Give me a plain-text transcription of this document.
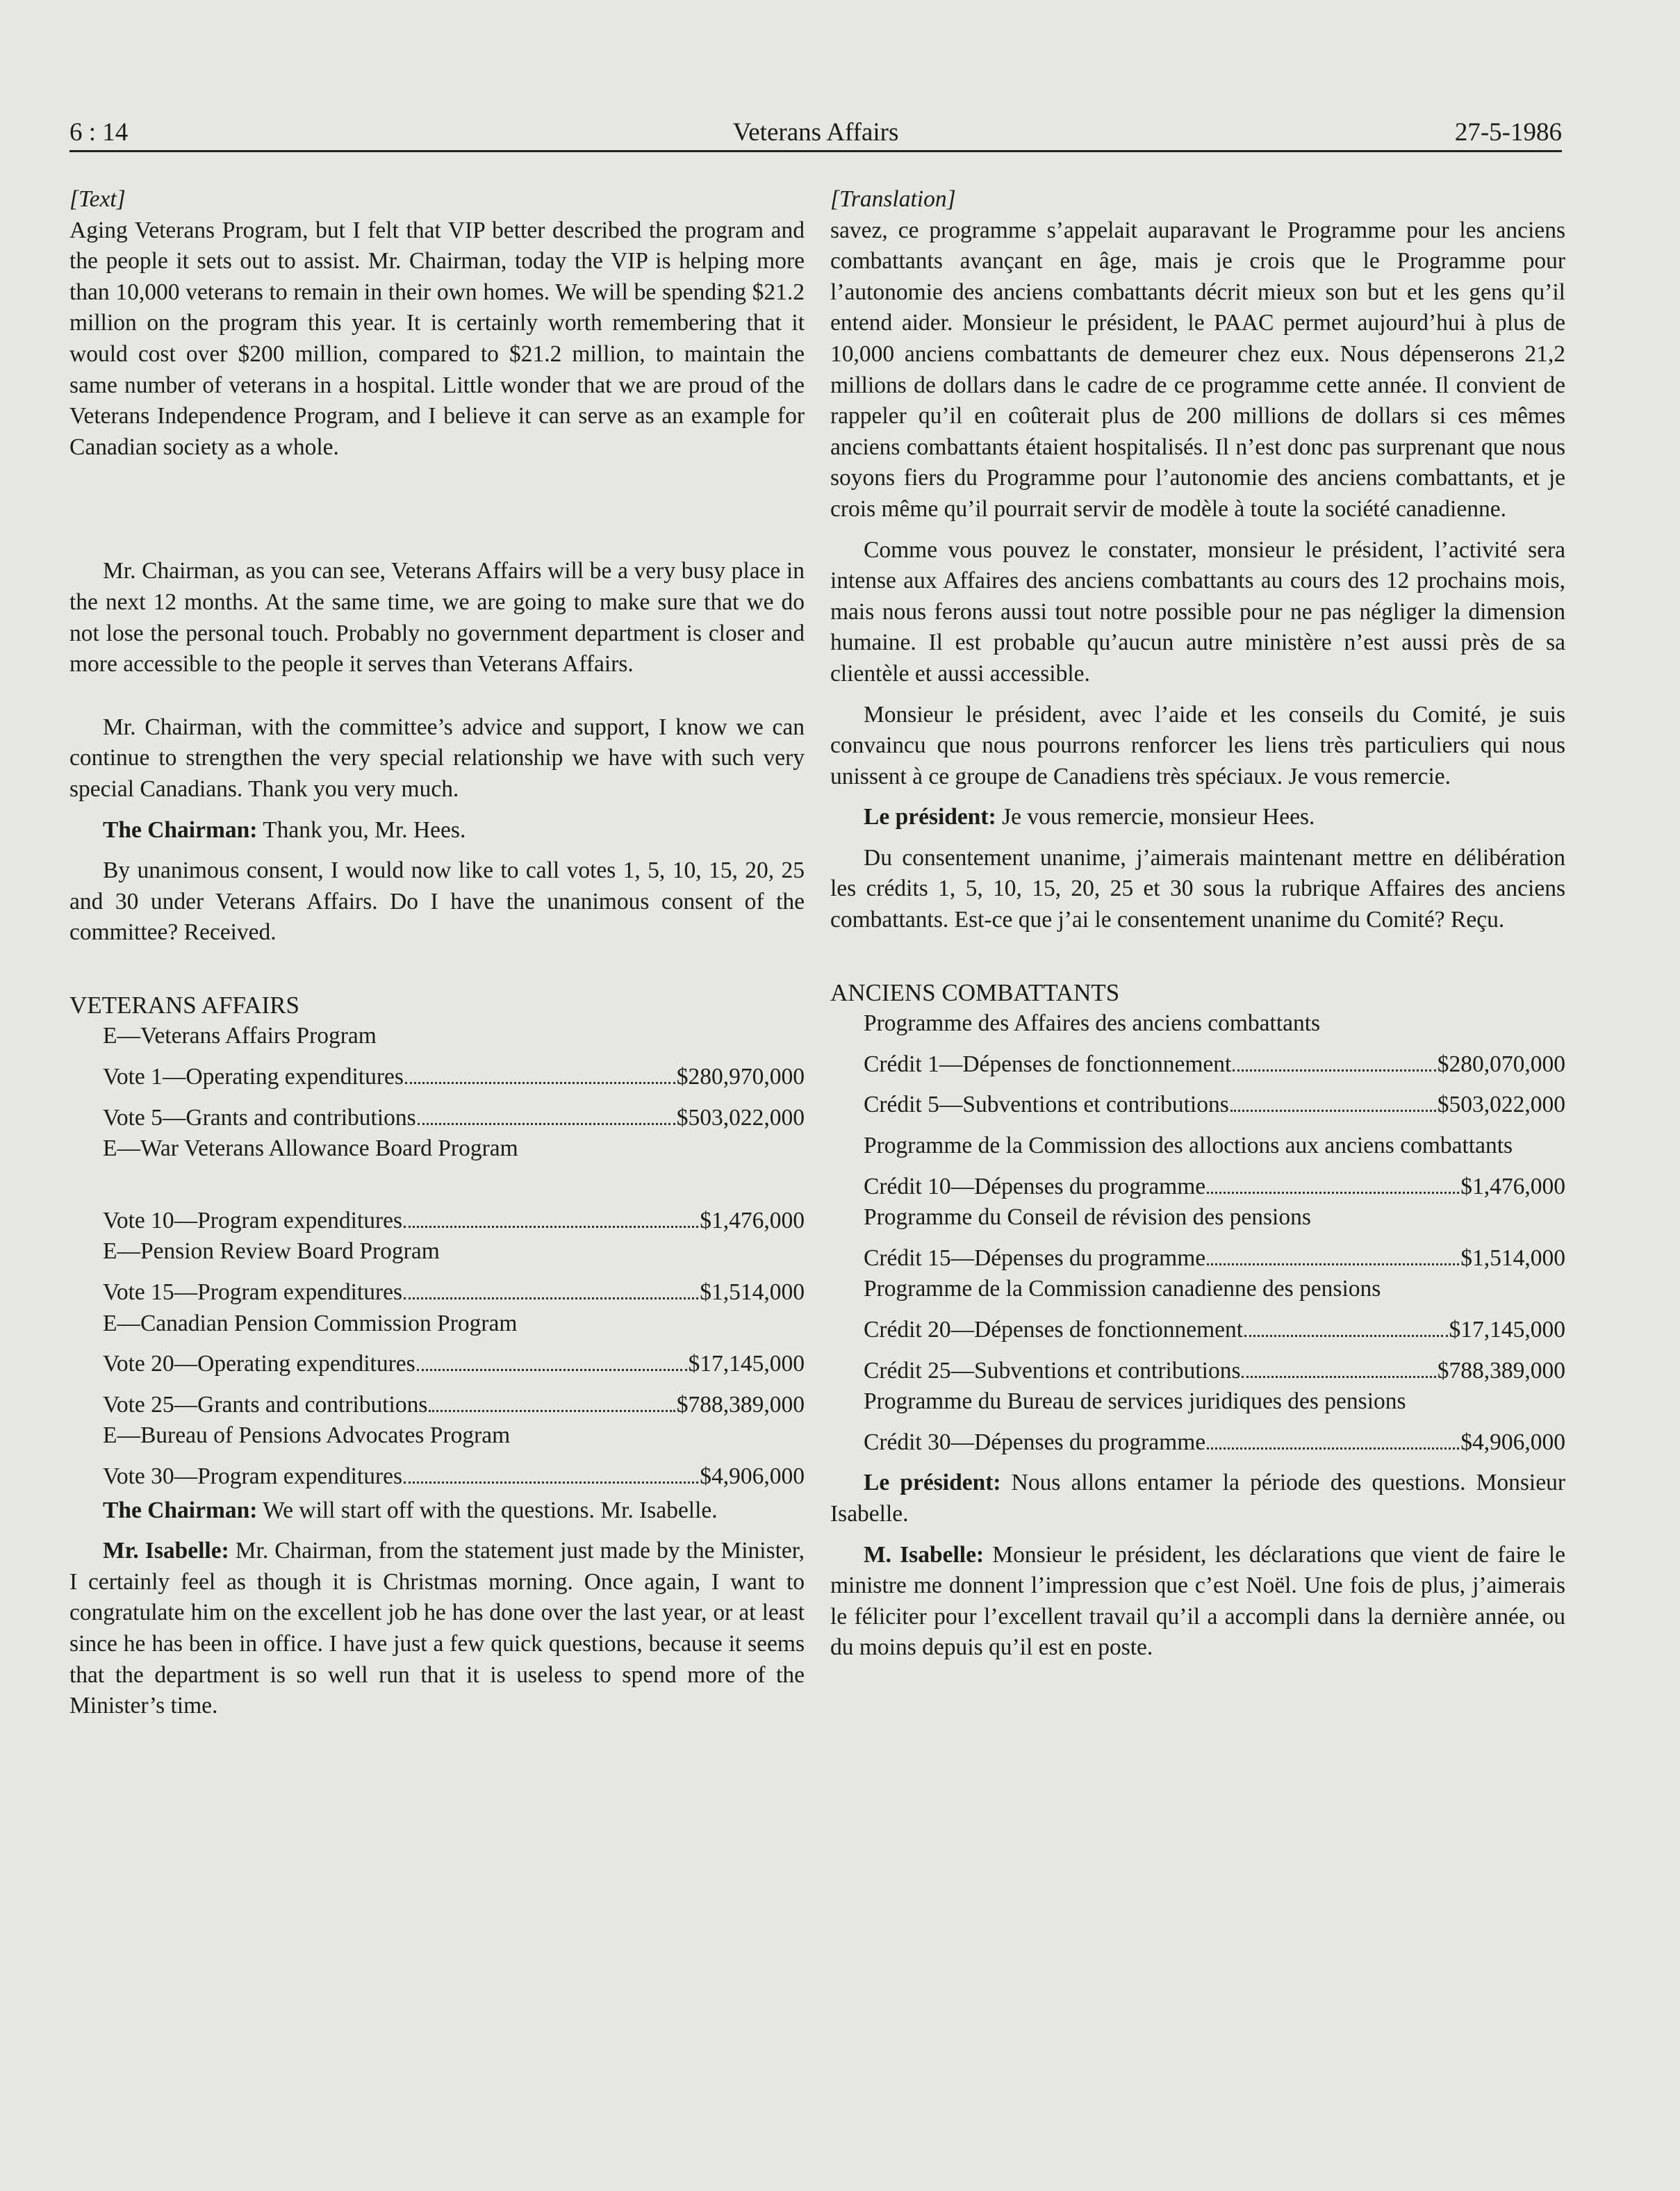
6 : 14	Veterans Affairs	27-5-1986

[Text]

Aging Veterans Program, but I felt that VIP better described the program and the people it sets out to assist. Mr. Chairman, today the VIP is helping more than 10,000 veterans to remain in their own homes. We will be spending $21.2 million on the program this year. It is certainly worth remembering that it would cost over $200 million, compared to $21.2 million, to maintain the same number of veterans in a hospital. Little wonder that we are proud of the Veterans Independence Program, and I believe it can serve as an example for Canadian society as a whole.

Mr. Chairman, as you can see, Veterans Affairs will be a very busy place in the next 12 months. At the same time, we are going to make sure that we do not lose the personal touch. Probably no government department is closer and more accessible to the people it serves than Veterans Affairs.

Mr. Chairman, with the committee’s advice and support, I know we can continue to strengthen the very special relationship we have with such very special Canadians. Thank you very much.

The Chairman: Thank you, Mr. Hees.

By unanimous consent, I would now like to call votes 1, 5, 10, 15, 20, 25 and 30 under Veterans Affairs. Do I have the unanimous consent of the committee? Received.

VETERANS AFFAIRS

E—Veterans Affairs Program

Vote 1—Operating expenditures	$280,970,000
Vote 5—Grants and contributions	$503,022,000

E—War Veterans Allowance Board Program

Vote 10—Program expenditures	$1,476,000

E—Pension Review Board Program

Vote 15—Program expenditures	$1,514,000

E—Canadian Pension Commission Program

Vote 20—Operating expenditures	$17,145,000
Vote 25—Grants and contributions	$788,389,000

E—Bureau of Pensions Advocates Program

Vote 30—Program expenditures	$4,906,000

The Chairman: We will start off with the questions. Mr. Isabelle.

Mr. Isabelle: Mr. Chairman, from the statement just made by the Minister, I certainly feel as though it is Christmas morning. Once again, I want to congratulate him on the excellent job he has done over the last year, or at least since he has been in office. I have just a few quick questions, because it seems that the department is so well run that it is useless to spend more of the Minister’s time.

[Translation]

savez, ce programme s’appelait auparavant le Programme pour les anciens combattants avançant en âge, mais je crois que le Programme pour l’autonomie des anciens combattants décrit mieux son but et les gens qu’il entend aider. Monsieur le président, le PAAC permet aujourd’hui à plus de 10,000 anciens combattants de demeurer chez eux. Nous dépenserons 21,2 millions de dollars dans le cadre de ce programme cette année. Il convient de rappeler qu’il en coûterait plus de 200 millions de dollars si ces mêmes anciens combattants étaient hospitalisés. Il n’est donc pas surprenant que nous soyons fiers du Programme pour l’autonomie des anciens combattants, et je crois même qu’il pourrait servir de modèle à toute la société canadienne.

Comme vous pouvez le constater, monsieur le président, l’activité sera intense aux Affaires des anciens combattants au cours des 12 prochains mois, mais nous ferons aussi tout notre possible pour ne pas négliger la dimension humaine. Il est probable qu’aucun autre ministère n’est aussi près de sa clientèle et aussi accessible.

Monsieur le président, avec l’aide et les conseils du Comité, je suis convaincu que nous pourrons renforcer les liens très particuliers qui nous unissent à ce groupe de Canadiens très spéciaux. Je vous remercie.

Le président: Je vous remercie, monsieur Hees.

Du consentement unanime, j’aimerais maintenant mettre en délibération les crédits 1, 5, 10, 15, 20, 25 et 30 sous la rubrique Affaires des anciens combattants. Est-ce que j’ai le consentement unanime du Comité? Reçu.

ANCIENS COMBATTANTS

Programme des Affaires des anciens combattants

Crédit 1—Dépenses de fonctionnement	$280,070,000
Crédit 5—Subventions et contributions	$503,022,000

Programme de la Commission des alloctions aux anciens combattants

Crédit 10—Dépenses du programme	$1,476,000

Programme du Conseil de révision des pensions

Crédit 15—Dépenses du programme	$1,514,000

Programme de la Commission canadienne des pensions

Crédit 20—Dépenses de fonctionnement	$17,145,000
Crédit 25—Subventions et contributions	$788,389,000

Programme du Bureau de services juridiques des pensions

Crédit 30—Dépenses du programme	$4,906,000

Le président: Nous allons entamer la période des questions. Monsieur Isabelle.

M. Isabelle: Monsieur le président, les déclarations que vient de faire le ministre me donnent l’impression que c’est Noël. Une fois de plus, j’aimerais le féliciter pour l’excellent travail qu’il a accompli dans la dernière année, ou du moins depuis qu’il est en poste.
